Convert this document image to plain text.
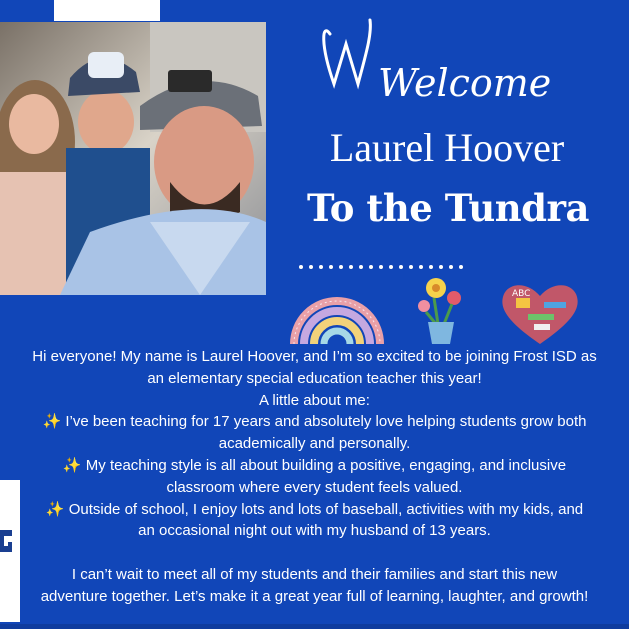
Welcome
Laurel Hoover
To the Tundra
ABC
Hi everyone! My name is Laurel Hoover, and I’m so excited to be joining Frost ISD as
an elementary special education teacher this year!
A little about me:
✨ I’ve been teaching for 17 years and absolutely love helping students grow both
academically and personally.
✨ My teaching style is all about building a positive, engaging, and inclusive
classroom where every student feels valued.
✨ Outside of school, I enjoy lots and lots of baseball, activities with my kids, and
an occasional night out with my husband of 13 years.
I can’t wait to meet all of my students and their families and start this new
adventure together. Let’s make it a great year full of learning, laughter, and growth!
